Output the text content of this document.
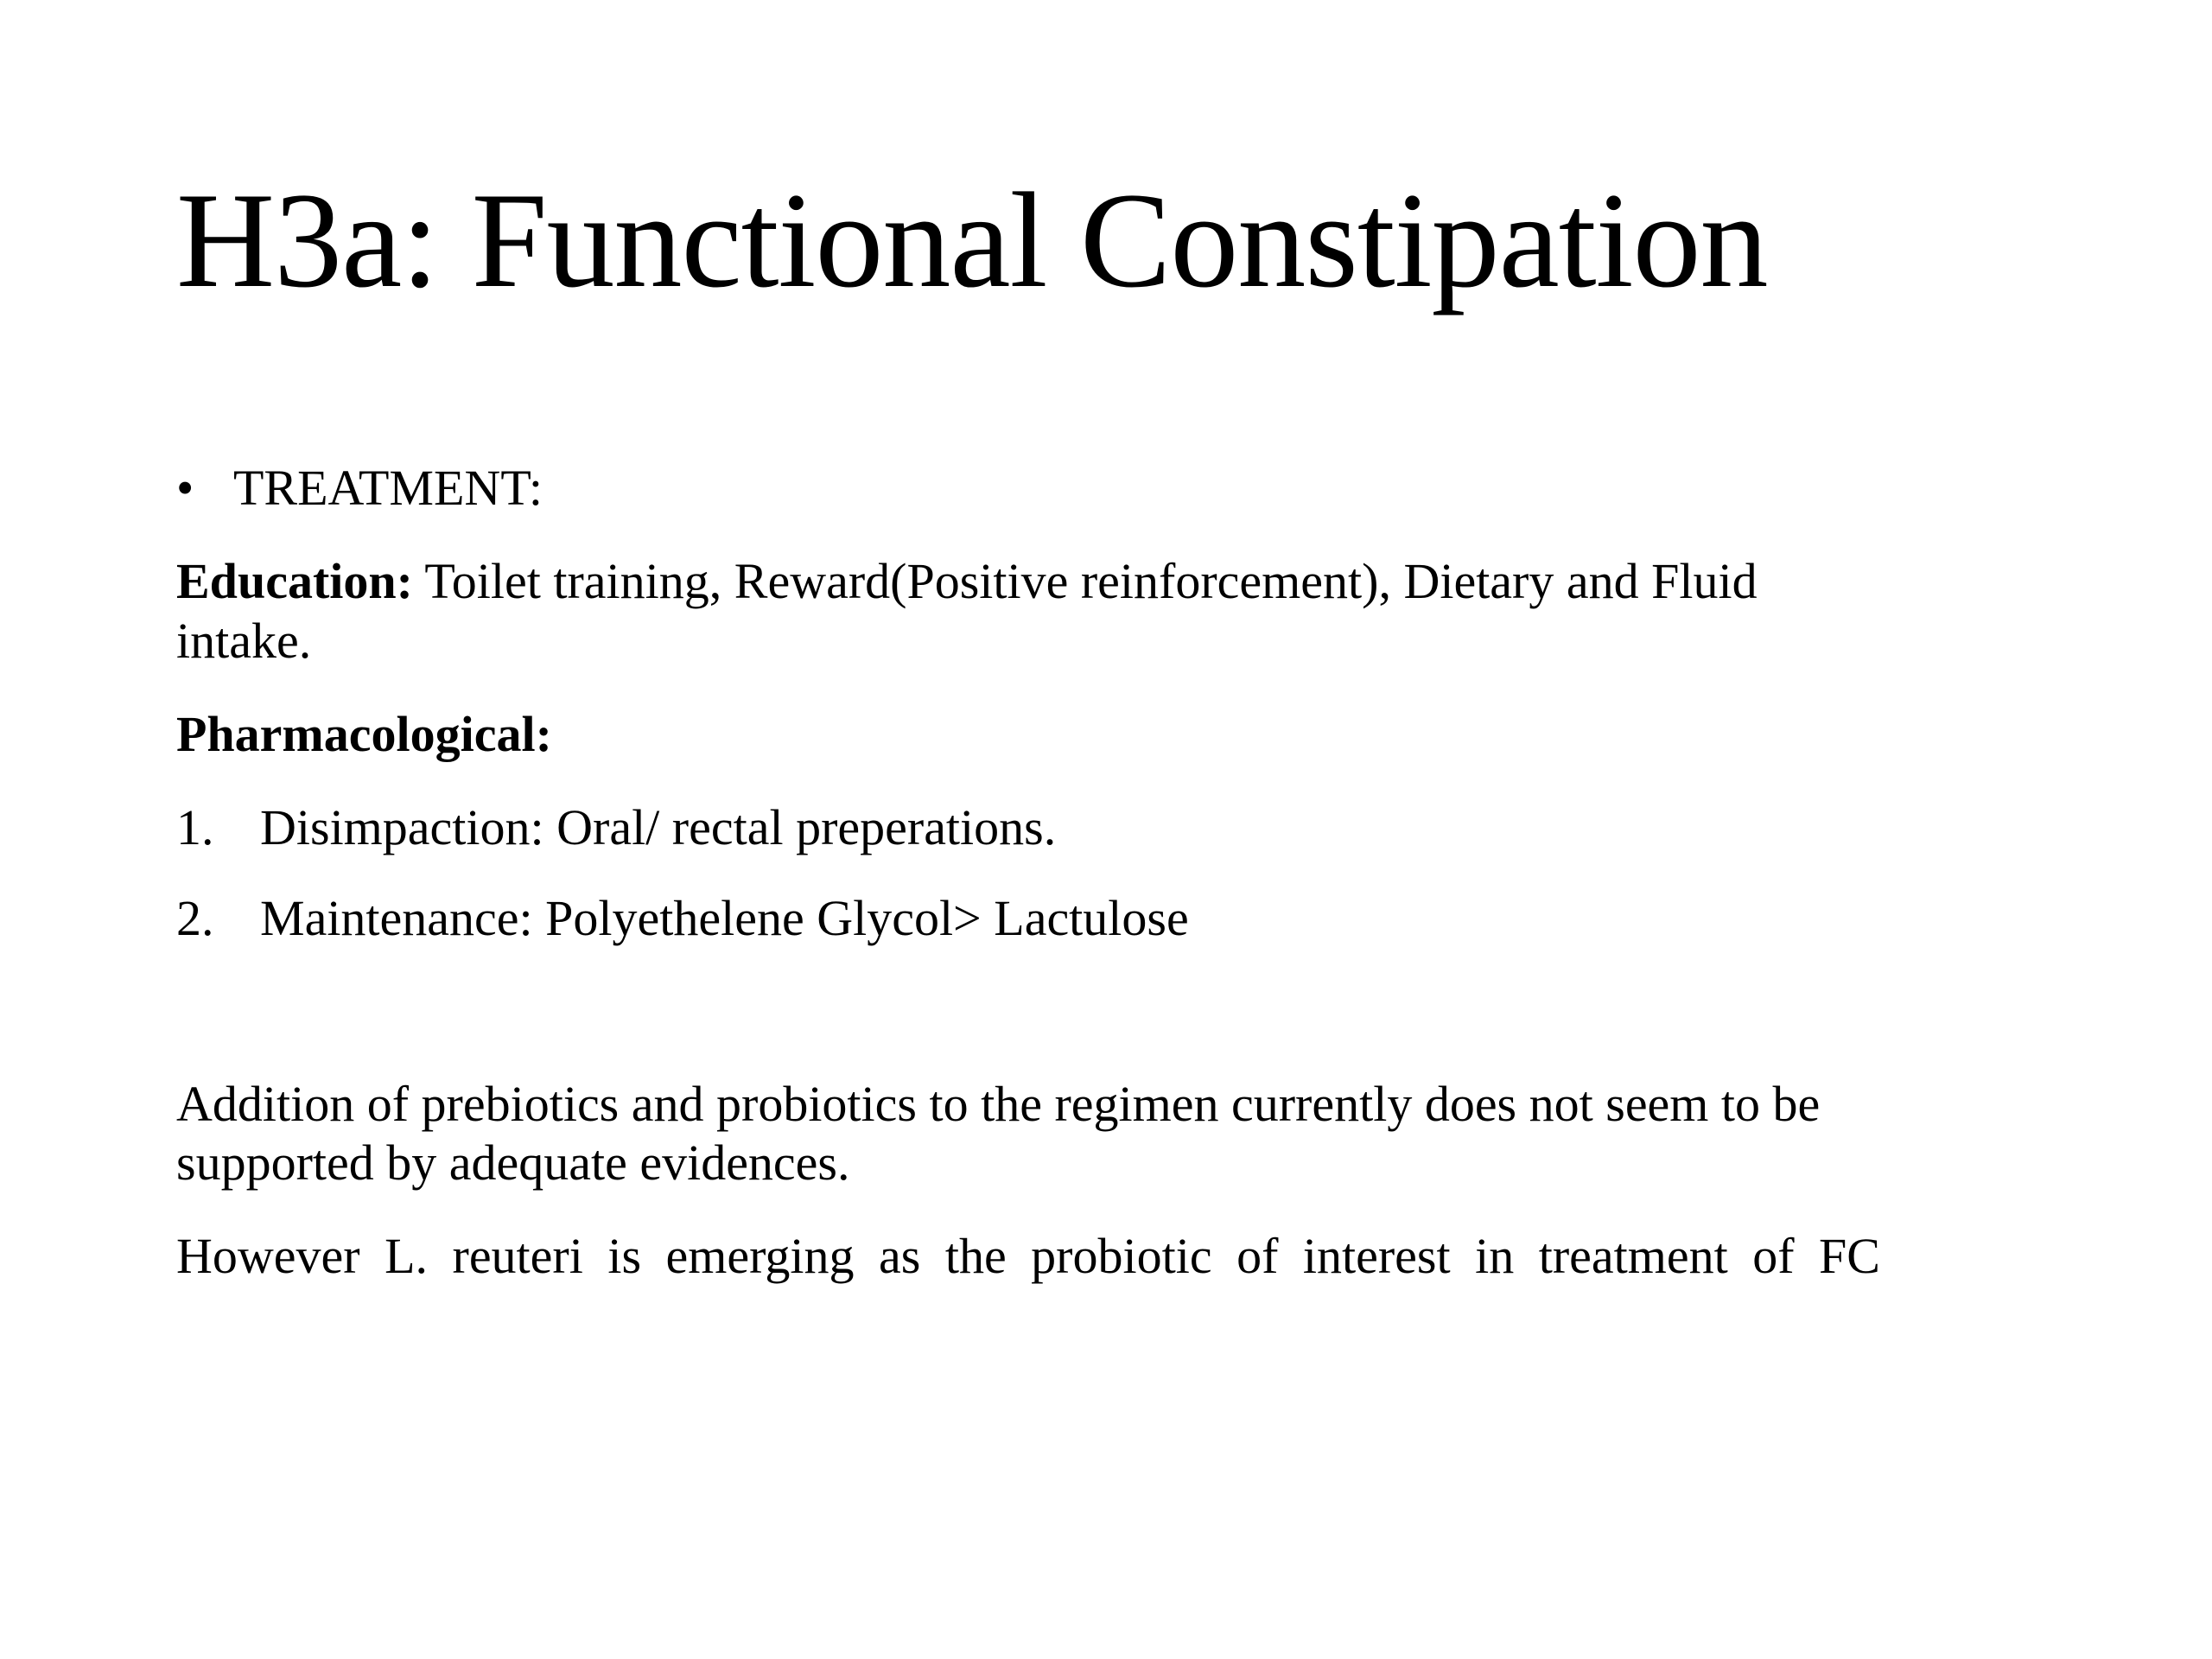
H3a: Functional Constipation

• TREATMENT:

Education: Toilet training, Reward(Positive reinforcement), Dietary and Fluid

intake.

Pharmacological:

1. Disimpaction: Oral/ rectal preperations.

2. Maintenance: Polyethelene Glycol> Lactulose

Addition of prebiotics and probiotics to the regimen currently does not seem to be

supported by adequate evidences.

However L. reuteri is emerging as the probiotic of interest in treatment of FC
